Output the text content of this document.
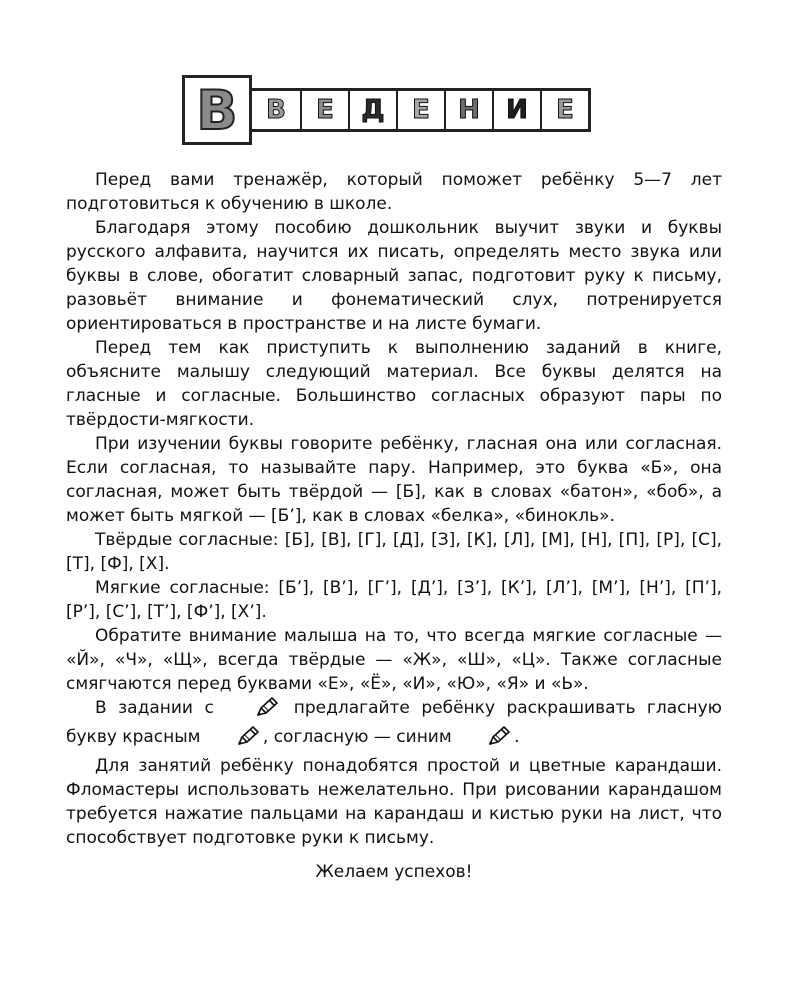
В В Е Д Е Н И Е

Перед вами тренажёр, который поможет ребёнку 5—7 лет подготовиться к обучению в школе.

Благодаря этому пособию дошкольник выучит звуки и буквы русского алфавита, научится их писать, определять место звука или буквы в слове, обогатит словарный запас, подготовит руку к письму, разовьёт внимание и фонематический слух, потренируется ориентироваться в пространстве и на листе бумаги.

Перед тем как приступить к выполнению заданий в книге, объясните малышу следующий материал. Все буквы делятся на гласные и согласные. Большинство согласных образуют пары по твёрдости-мягкости.

При изучении буквы говорите ребёнку, гласная она или согласная. Если согласная, то называйте пару. Например, это буква «Б», она согласная, может быть твёрдой — [Б], как в словах «батон», «боб», а может быть мягкой — [Б’], как в словах «белка», «бинокль».

Твёрдые согласные: [Б], [В], [Г], [Д], [З], [К], [Л], [М], [Н], [П], [Р], [С], [Т], [Ф], [Х].

Мягкие согласные: [Б’], [В’], [Г’], [Д’], [З’], [К’], [Л’], [М’], [Н’], [П’], [Р’], [С’], [Т’], [Ф’], [Х’].

Обратите внимание малыша на то, что всегда мягкие согласные — «Й», «Ч», «Щ», всегда твёрдые — «Ж», «Ш», «Ц». Также согласные смягчаются перед буквами «Е», «Ё», «И», «Ю», «Я» и «Ь».

В задании с	предлагайте ребёнку раскрашивать гласную букву красным	, согласную — синим	.

Для занятий ребёнку понадобятся простой и цветные карандаши. Фломастеры использовать нежелательно. При рисовании карандашом требуется нажатие пальцами на карандаш и кистью руки на лист, что способствует подготовке руки к письму.

Желаем успехов!
